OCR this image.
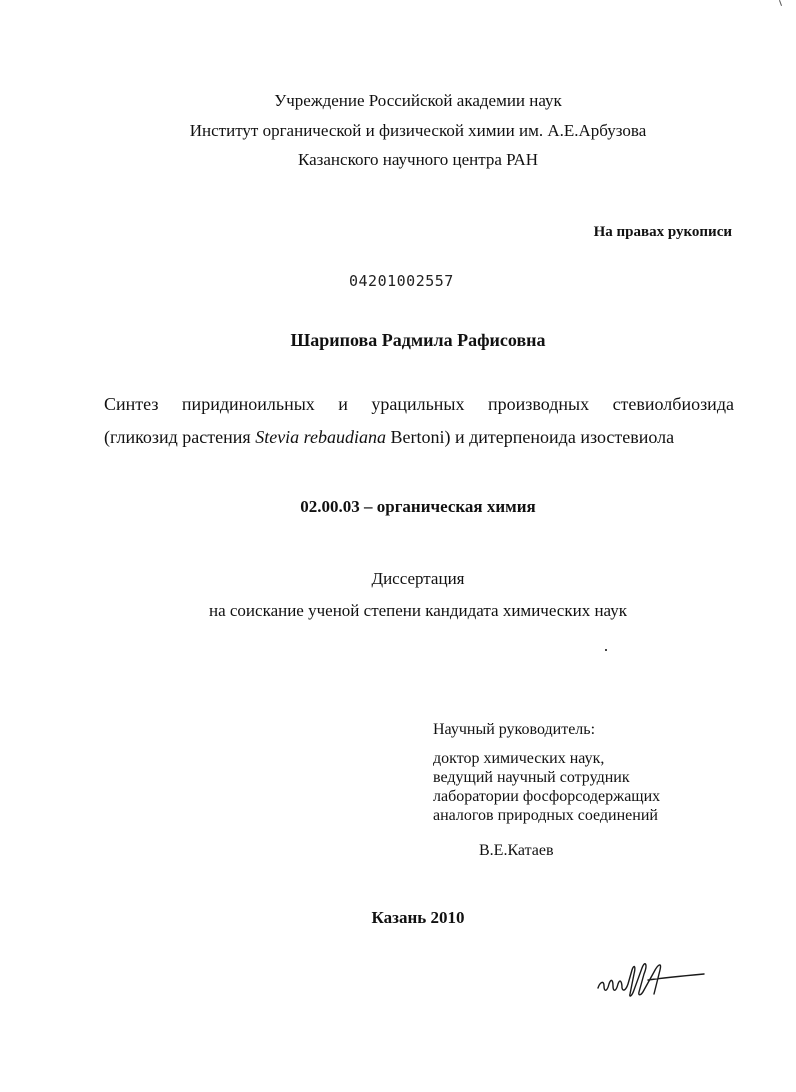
Учреждение Российской академии наук
Институт органической и физической химии им. А.Е.Арбузова
Казанского научного центра РАН
На правах рукописи
04201002557
Шарипова Радмила Рафисовна
Синтез пиридиноильных и урацильных производных стевиолбиозида
(гликозид растения Stevia rebaudiana Bertoni) и дитерпеноида изостевиола
02.00.03 – органическая химия
Диссертация
на соискание ученой степени кандидата химических наук
Научный руководитель:
доктор химических наук,
ведущий научный сотрудник
лаборатории фосфорсодержащих
аналогов природных соединений
В.Е.Катаев
Казань 2010
